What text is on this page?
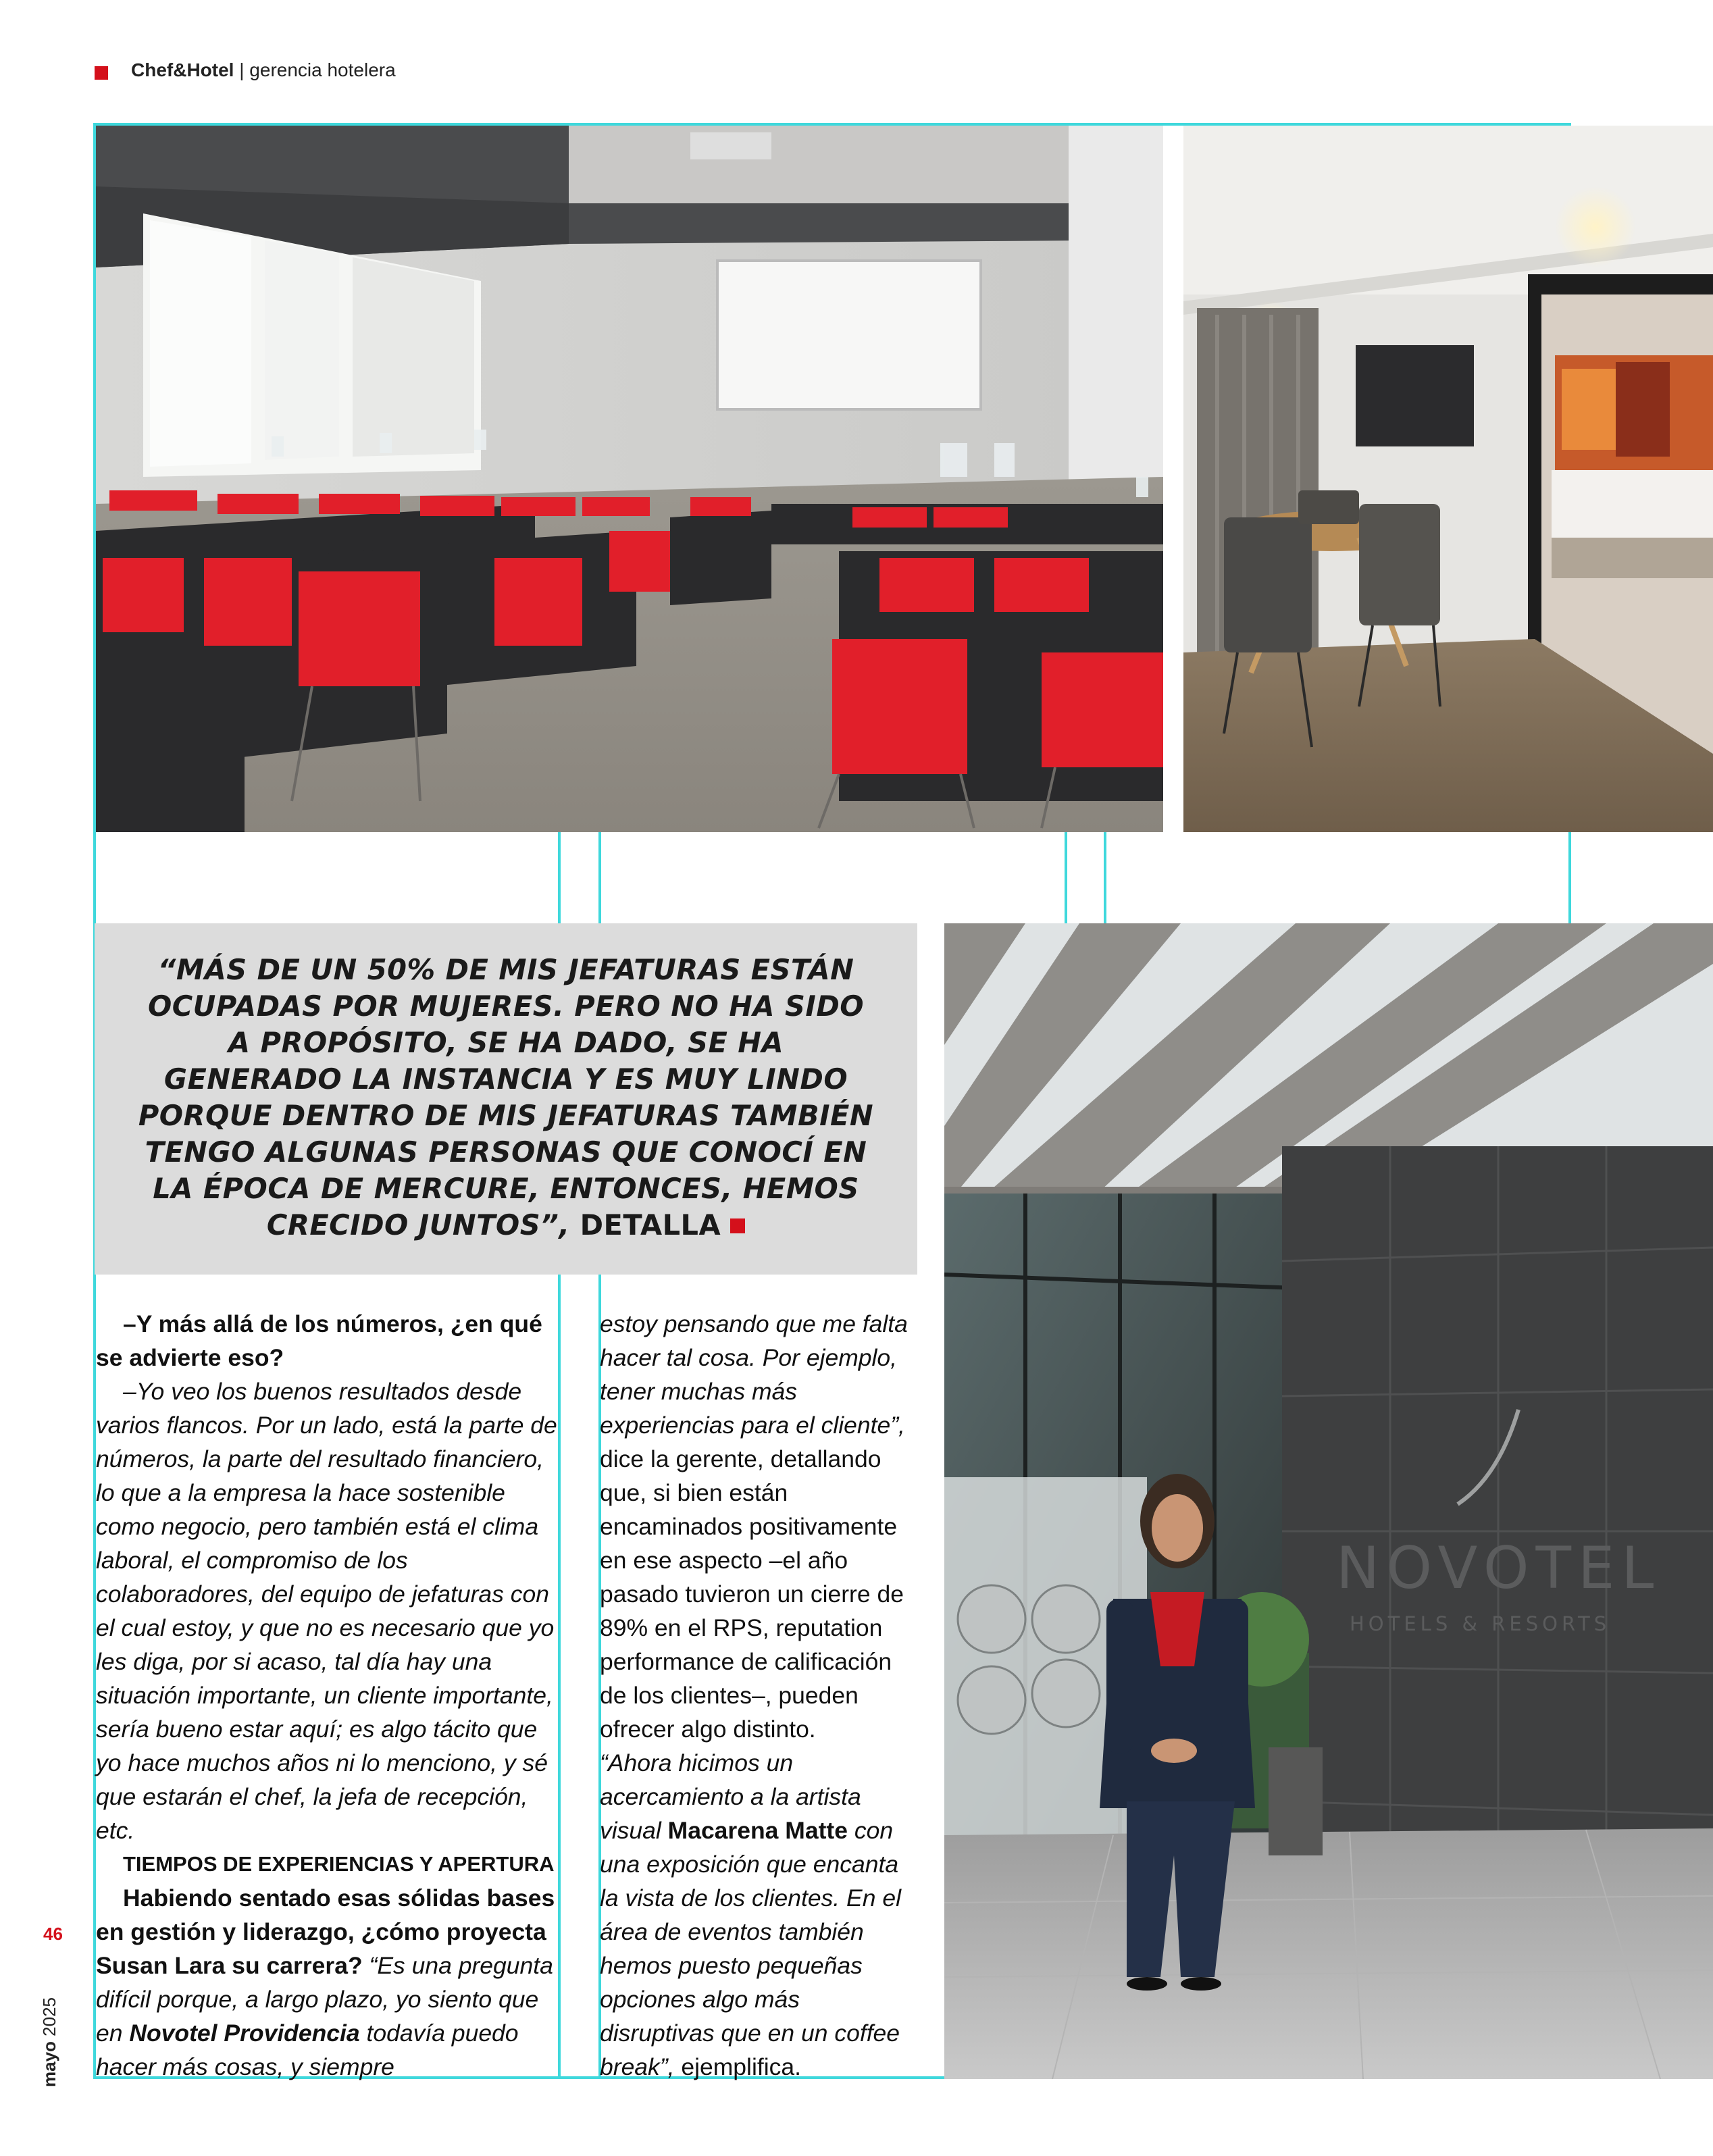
Chef&Hotel | gerencia hotelera
NOVOTEL
HOTELS & RESORTS
“MÁS DE UN 50% DE MIS JEFATURAS ESTÁN OCUPADAS POR MUJERES. PERO NO HA SIDO A PROPÓSITO, SE HA DADO, SE HA GENERADO LA INSTANCIA Y ES MUY LINDO PORQUE DENTRO DE MIS JEFATURAS TAMBIÉN TENGO ALGUNAS PERSONAS QUE CONOCÍ EN LA ÉPOCA DE MERCURE, ENTONCES, HEMOS CRECIDO JUNTOS”, DETALLA

–Y más allá de los números, ¿en qué se advierte eso?

–Yo veo los buenos resultados desde varios flancos. Por un lado, está la parte de números, la parte del resultado financiero, lo que a la empresa la hace sostenible como negocio, pero también está el clima laboral, el compromiso de los colaboradores, del equipo de jefaturas con el cual estoy, y que no es necesario que yo les diga, por si acaso, tal día hay una situación importante, un cliente importante, sería bueno estar aquí; es algo tácito que yo hace muchos años ni lo menciono, y sé que estarán el chef, la jefa de recepción, etc.

TIEMPOS DE EXPERIENCIAS Y APERTURA

Habiendo sentado esas sólidas bases en gestión y liderazgo, ¿cómo proyecta Susan Lara su carrera? “Es una pregunta difícil porque, a largo plazo, yo siento que en Novotel Providencia todavía puedo hacer más cosas, y siempre

estoy pensando que me falta hacer tal cosa. Por ejemplo, tener muchas más experiencias para el cliente”, dice la gerente, detallando que, si bien están encaminados positivamente en ese aspecto –el año pasado tuvieron un cierre de 89% en el RPS, reputation performance de calificación de los clientes–, pueden ofrecer algo distinto.

“Ahora hicimos un acercamiento a la artista visual Macarena Matte con una exposición que encanta la vista de los clientes. En el área de eventos también hemos puesto pequeñas opciones algo más disruptivas que en un coffee break”, ejemplifica.

46
mayo 2025
